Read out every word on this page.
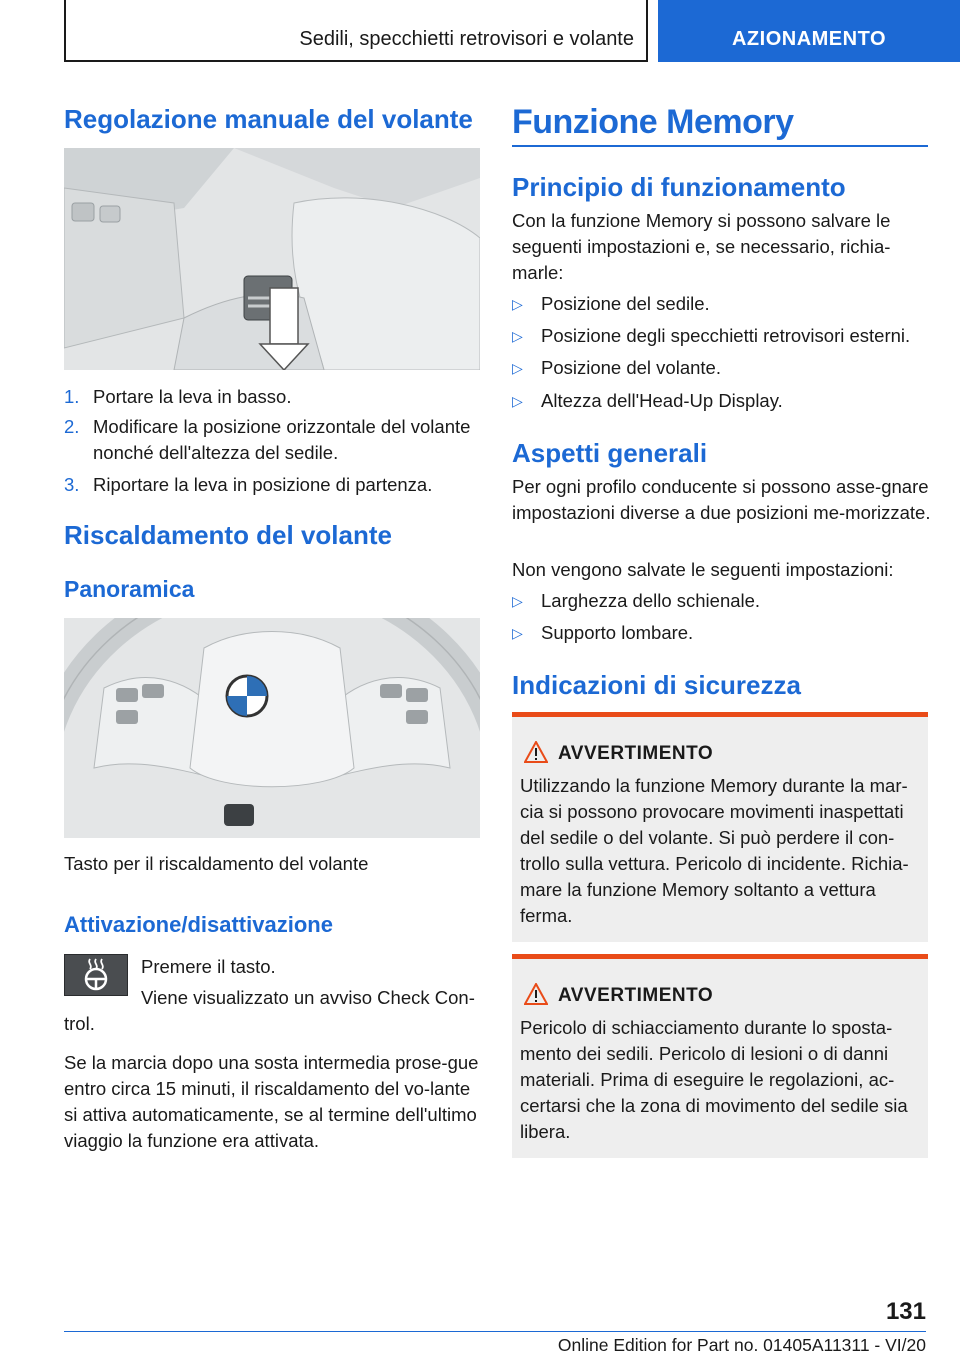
Sedili, specchietti retrovisori e volante	AZIONAMENTO
Regolazione manuale del volante
1. Portare la leva in basso.
2. Modificare la posizione orizzontale del volante nonché dell'altezza del sedile.
3. Riportare la leva in posizione di partenza.
Riscaldamento del volante
Panoramica
Tasto per il riscaldamento del volante
Attivazione/disattivazione
Premere il tasto.
Viene visualizzato un avviso Check Con-
trol.
Se la marcia dopo una sosta intermedia prose-gue entro circa 15 minuti, il riscaldamento del vo-lante si attiva automaticamente, se al termine dell'ultimo viaggio la funzione era attivata.
Funzione Memory
Principio di funzionamento
Con la funzione Memory si possono salvare le seguenti impostazioni e, se necessario, richia-marle:
▷ Posizione del sedile.
▷ Posizione degli specchietti retrovisori esterni.
▷ Posizione del volante.
▷ Altezza dell'Head-Up Display.
Aspetti generali
Per ogni profilo conducente si possono asse-gnare impostazioni diverse a due posizioni me-morizzate.
Non vengono salvate le seguenti impostazioni:
▷ Larghezza dello schienale.
▷ Supporto lombare.
Indicazioni di sicurezza
AVVERTIMENTO
Utilizzando la funzione Memory durante la mar-cia si possono provocare movimenti inaspettati del sedile o del volante. Si può perdere il con-trollo sulla vettura. Pericolo di incidente. Richia-mare la funzione Memory soltanto a vettura ferma.
AVVERTIMENTO
Pericolo di schiacciamento durante lo sposta-mento dei sedili. Pericolo di lesioni o di danni materiali. Prima di eseguire le regolazioni, ac-certarsi che la zona di movimento del sedile sia libera.
131
Online Edition for Part no. 01405A11311 - VI/20
